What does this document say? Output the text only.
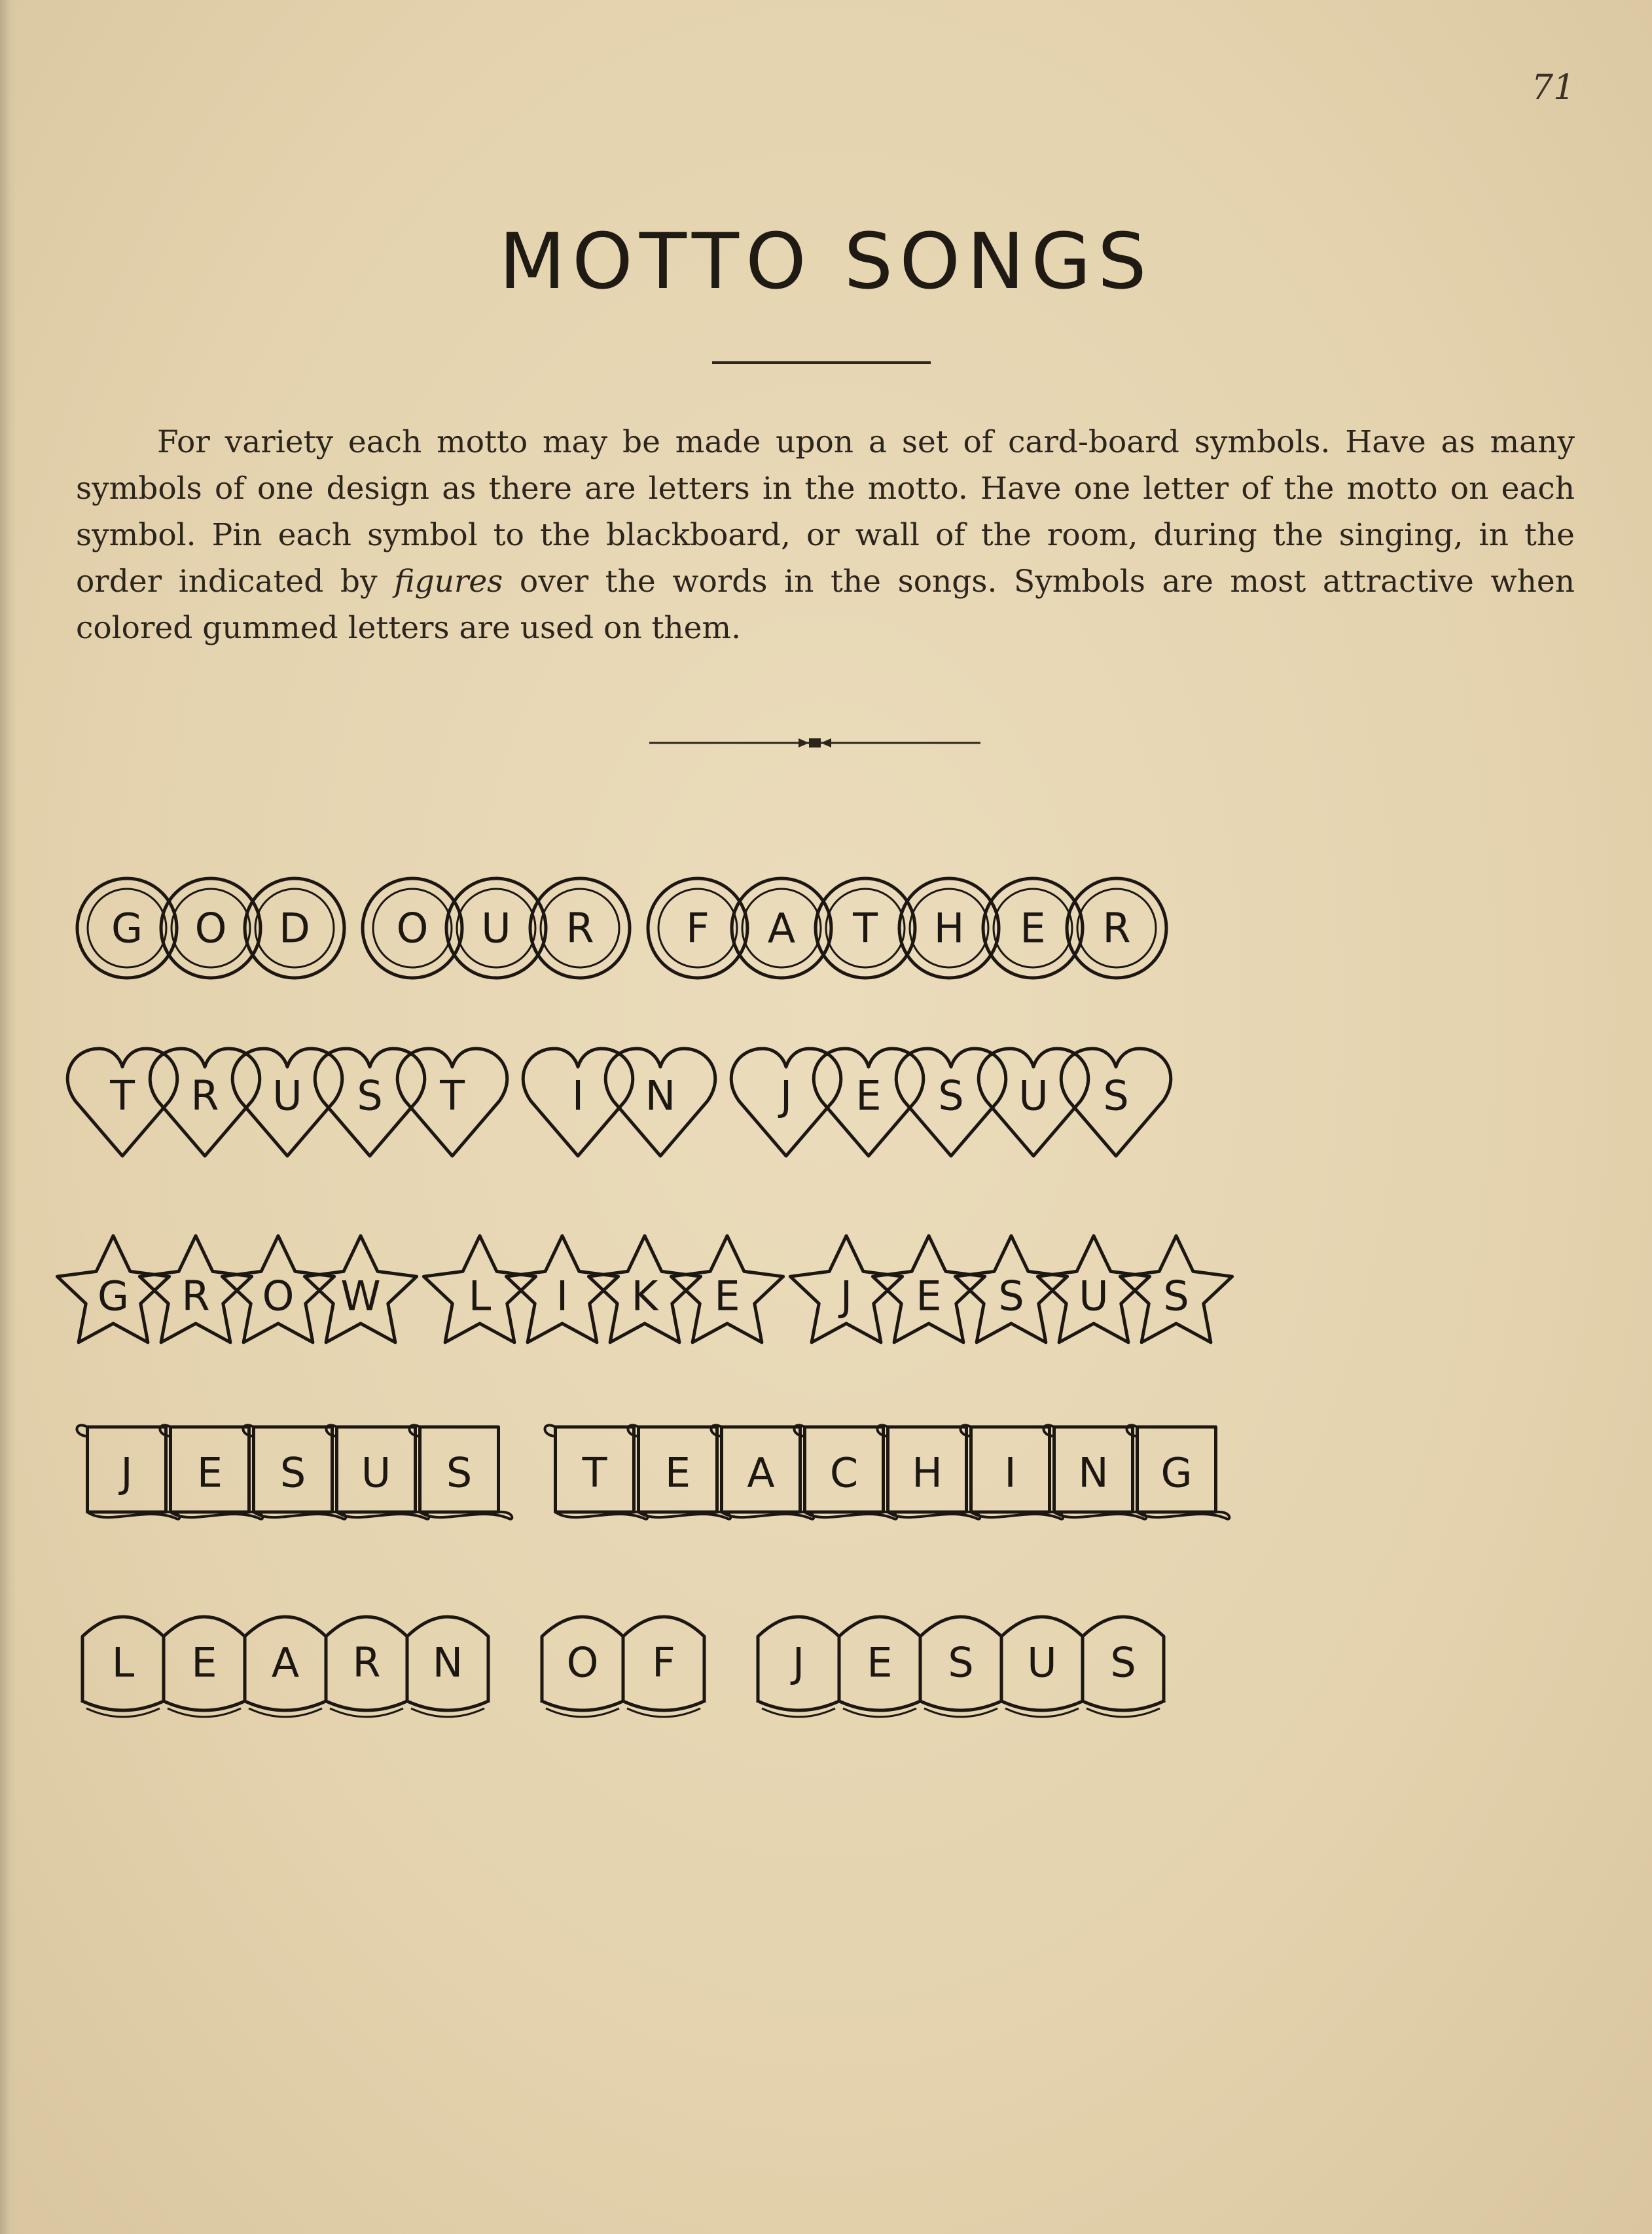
71
MOTTO SONGS

For variety each motto may be made upon a set of card-board symbols. Have as many symbols of one design as there are letters in the motto. Have one letter of the motto on each symbol. Pin each symbol to the blackboard, or wall of the room, during the singing, in the order indicated by figures over the words in the songs. Symbols are most attractive when colored gummed letters are used on them.

G O D O U R F A T H E R
T R U S T	I N	J E S U S
G R O W L I K E J E S U S
J E S U S	T E A C H I N G
L E A R N	O F	J E S U S
